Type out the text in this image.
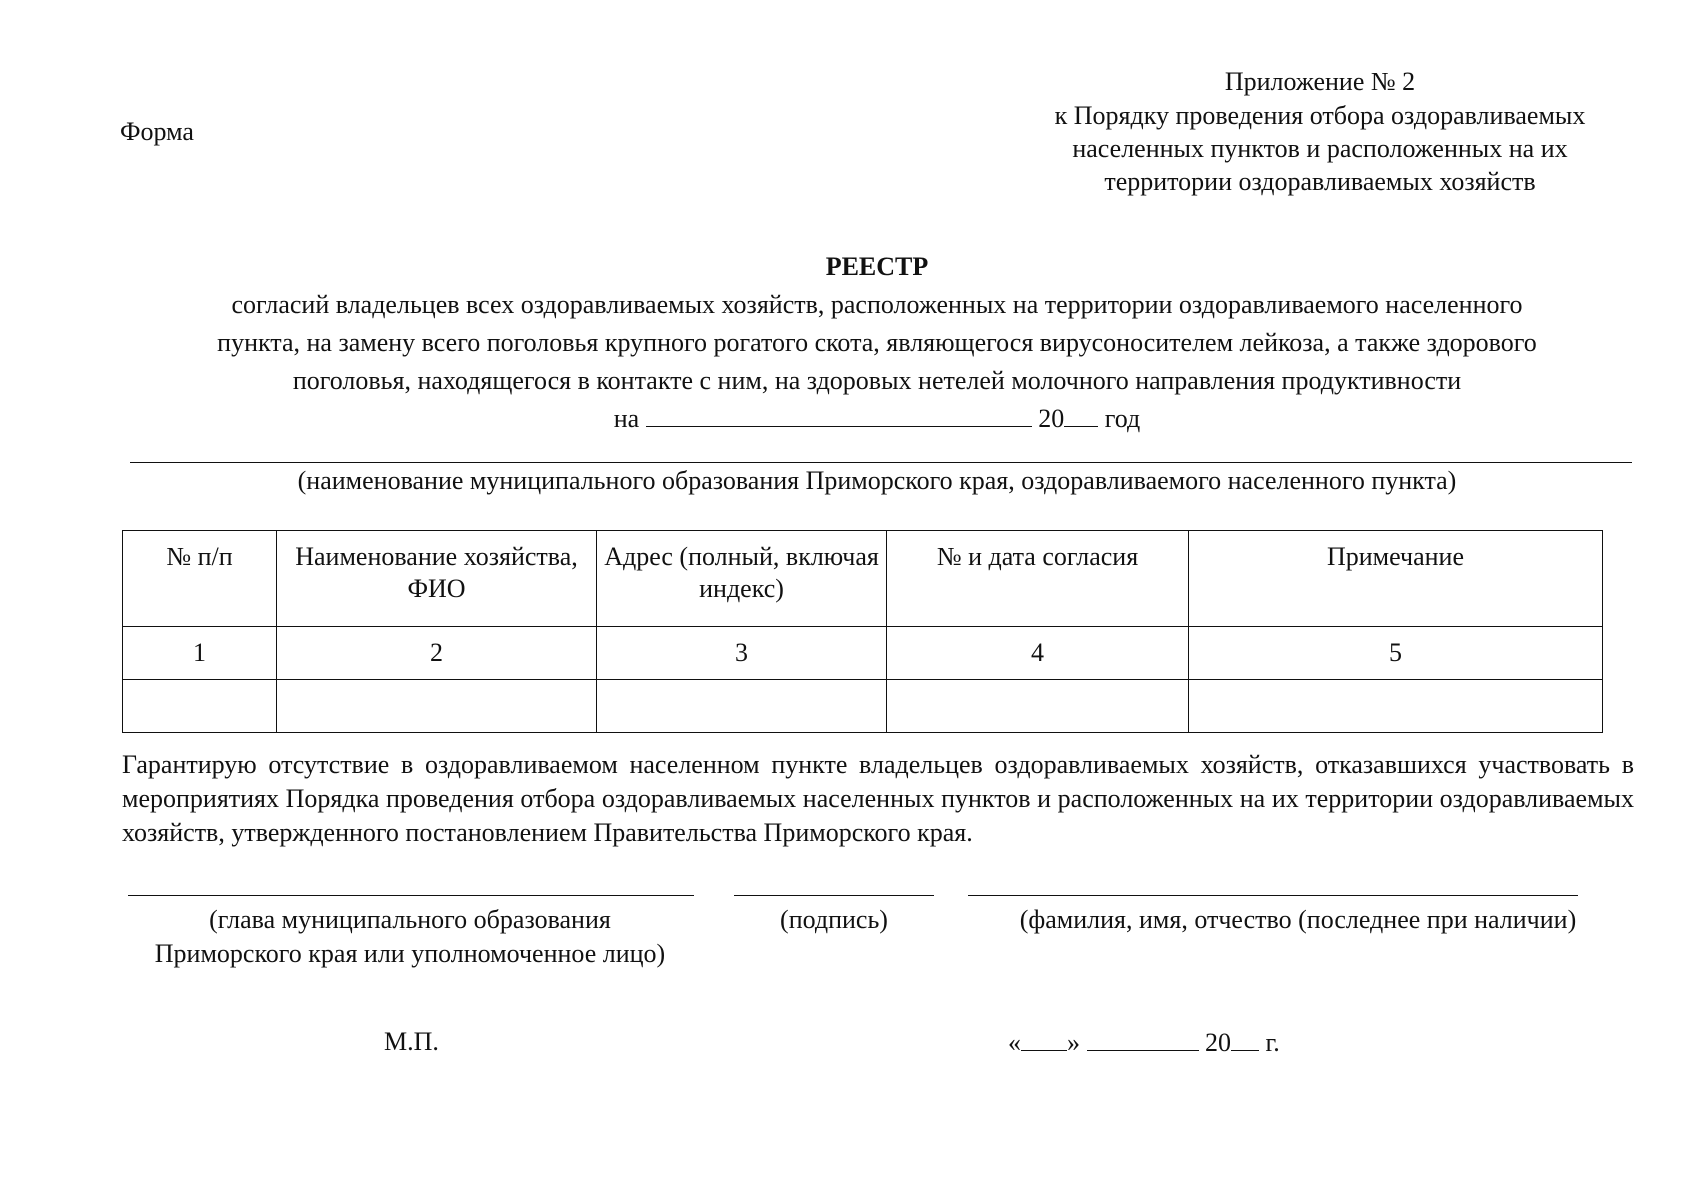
Форма
Приложение № 2
к Порядку проведения отбора оздоравливаемых
населенных пунктов и расположенных на их
территории оздоравливаемых хозяйств
РЕЕСТР
согласий владельцев всех оздоравливаемых хозяйств, расположенных на территории оздоравливаемого населенного
пункта, на замену всего поголовья крупного рогатого скота, являющегося вирусоносителем лейкоза, а также здорового
поголовья, находящегося в контакте с ним, на здоровых нетелей молочного направления продуктивности
на	20 год
(наименование муниципального образования Приморского края, оздоравливаемого населенного пункта)
№ п/п	Наименование хозяйства, ФИО	Адрес (полный, включая индекс)	№ и дата согласия	Примечание
1	2	3	4	5

Гарантирую отсутствие в оздоравливаемом населенном пункте владельцев оздоравливаемых хозяйств, отказавшихся участвовать в мероприятиях Порядка проведения отбора оздоравливаемых населенных пунктов и расположенных на их территории оздоравливаемых хозяйств, утвержденного постановлением Правительства Приморского края.
(глава муниципального образования
Приморского края или уполномоченное лицо)
(подпись)	(фамилия, имя, отчество (последнее при наличии)
М.П.	« »	20 г.
